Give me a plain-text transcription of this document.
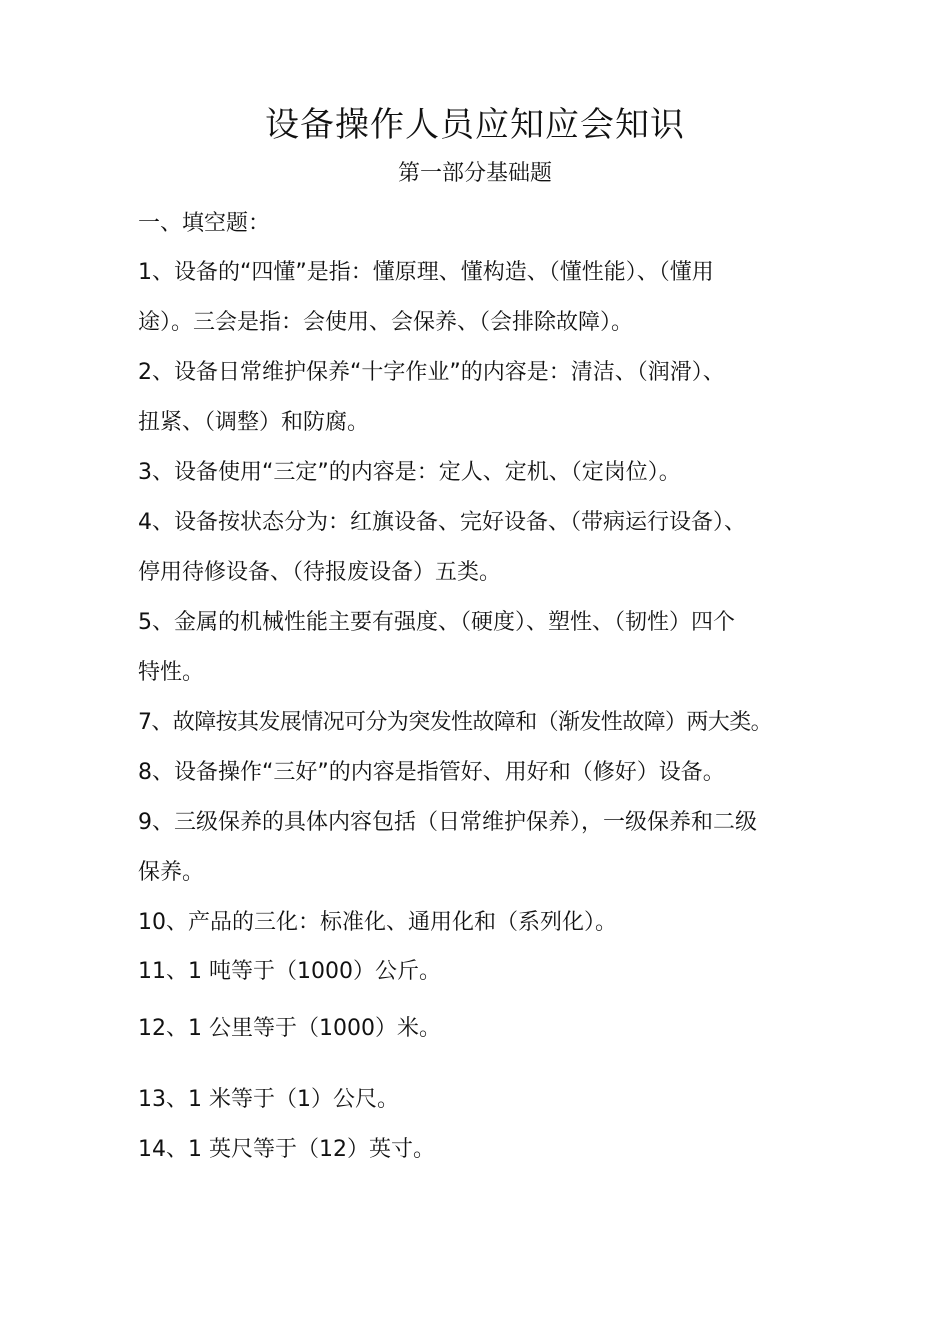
设备操作人员应知应会知识
第一部分基础题
一、填空题：
1、设备的“四懂”是指：懂原理、懂构造、（懂性能）、（懂用
途）。三会是指：会使用、会保养、（会排除故障）。
2、设备日常维护保养“十字作业”的内容是：清洁、（润滑）、
扭紧、（调整）和防腐。
3、设备使用“三定”的内容是：定人、定机、（定岗位）。
4、设备按状态分为：红旗设备、完好设备、（带病运行设备）、
停用待修设备、（待报废设备）五类。
5、金属的机械性能主要有强度、（硬度）、塑性、（韧性）四个
特性。
7、故障按其发展情况可分为突发性故障和（渐发性故障）两大类。
8、设备操作“三好”的内容是指管好、用好和（修好）设备。
9、三级保养的具体内容包括（日常维护保养），一级保养和二级
保养。
10、产品的三化：标准化、通用化和（系列化）。
11、1 吨等于（1000）公斤。
12、1 公里等于（1000）米。
13、1 米等于（1）公尺。
14、1 英尺等于（12）英寸。
